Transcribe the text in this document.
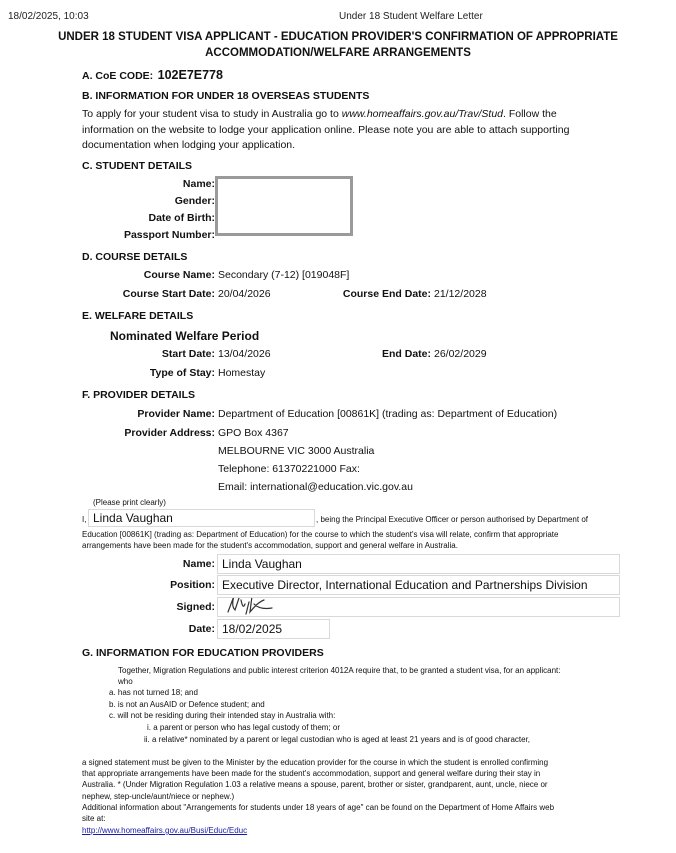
18/02/2025, 10:03	Under 18 Student Welfare Letter
UNDER 18 STUDENT VISA APPLICANT - EDUCATION PROVIDER'S CONFIRMATION OF APPROPRIATE
ACCOMMODATION/WELFARE ARRANGEMENTS
A. CoE CODE: 102E7E778
B. INFORMATION FOR UNDER 18 OVERSEAS STUDENTS
To apply for your student visa to study in Australia go to www.homeaffairs.gov.au/Trav/Stud. Follow the
information on the website to lodge your application online. Please note you are able to attach supporting
documentation when lodging your application.
C. STUDENT DETAILS
Name:
Gender:
Date of Birth:
Passport Number:
D. COURSE DETAILS
Course Name: Secondary (7-12) [019048F]
Course Start Date: 20/04/2026	Course End Date: 21/12/2028
E. WELFARE DETAILS
Nominated Welfare Period
Start Date: 13/04/2026	End Date: 26/02/2029
Type of Stay: Homestay
F. PROVIDER DETAILS
Provider Name: Department of Education [00861K] (trading as: Department of Education)
Provider Address: GPO Box 4367
MELBOURNE VIC 3000 Australia
Telephone: 61370221000 Fax:
Email: international@education.vic.gov.au
(Please print clearly)
I, Linda Vaughan	, being the Principal Executive Officer or person authorised by Department of
Education [00861K] (trading as: Department of Education) for the course to which the student's visa will relate, confirm that appropriate
arrangements have been made for the student's accommodation, support and general welfare in Australia.
Name: Linda Vaughan
Position: Executive Director, International Education and Partnerships Division
Signed:
Date: 18/02/2025
G. INFORMATION FOR EDUCATION PROVIDERS
Together, Migration Regulations and public interest criterion 4012A require that, to be granted a student visa, for an applicant:
who
a. has not turned 18; and
b. is not an AusAID or Defence student; and
c. will not be residing during their intended stay in Australia with:
i. a parent or person who has legal custody of them; or
ii. a relative* nominated by a parent or legal custodian who is aged at least 21 years and is of good character,
a signed statement must be given to the Minister by the education provider for the course in which the student is enrolled confirming
that appropriate arrangements have been made for the student's accommodation, support and general welfare during their stay in
Australia. * (Under Migration Regulation 1.03 a relative means a spouse, parent, brother or sister, grandparent, aunt, uncle, niece or
nephew, step-uncle/aunt/niece or nephew.)
Additional information about "Arrangements for students under 18 years of age" can be found on the Department of Home Affairs web
site at:
http://www.homeaffairs.gov.au/Busi/Educ/Educ
